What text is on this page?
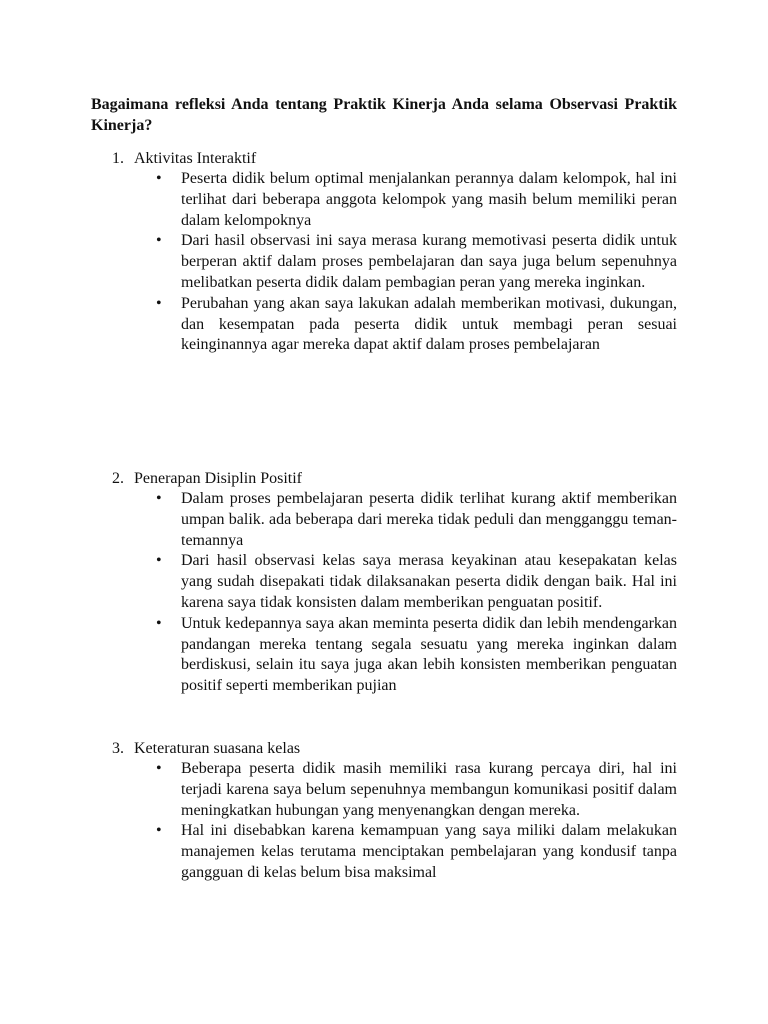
Bagaimana refleksi Anda tentang Praktik Kinerja Anda selama Observasi Praktik Kinerja?

1. Aktivitas Interaktif

• Peserta didik belum optimal menjalankan perannya dalam kelompok, hal ini terlihat dari beberapa anggota kelompok yang masih belum memiliki peran dalam kelompoknya
• Dari hasil observasi ini saya merasa kurang memotivasi peserta didik untuk berperan aktif dalam proses pembelajaran dan saya juga belum sepenuhnya melibatkan peserta didik dalam pembagian peran yang mereka inginkan.
• Perubahan yang akan saya lakukan adalah memberikan motivasi, dukungan, dan kesempatan pada peserta didik untuk membagi peran sesuai keinginannya agar mereka dapat aktif dalam proses pembelajaran

2. Penerapan Disiplin Positif

• Dalam proses pembelajaran peserta didik terlihat kurang aktif memberikan umpan balik. ada beberapa dari mereka tidak peduli dan mengganggu teman-temannya
• Dari hasil observasi kelas saya merasa keyakinan atau kesepakatan kelas yang sudah disepakati tidak dilaksanakan peserta didik dengan baik. Hal ini karena saya tidak konsisten dalam memberikan penguatan positif.
• Untuk kedepannya saya akan meminta peserta didik dan lebih mendengarkan pandangan mereka tentang segala sesuatu yang mereka inginkan dalam berdiskusi, selain itu saya juga akan lebih konsisten memberikan penguatan positif seperti memberikan pujian

3. Keteraturan suasana kelas

• Beberapa peserta didik masih memiliki rasa kurang percaya diri, hal ini terjadi karena saya belum sepenuhnya membangun komunikasi positif dalam meningkatkan hubungan yang menyenangkan dengan mereka.
• Hal ini disebabkan karena kemampuan yang saya miliki dalam melakukan manajemen kelas terutama menciptakan pembelajaran yang kondusif tanpa gangguan di kelas belum bisa maksimal
